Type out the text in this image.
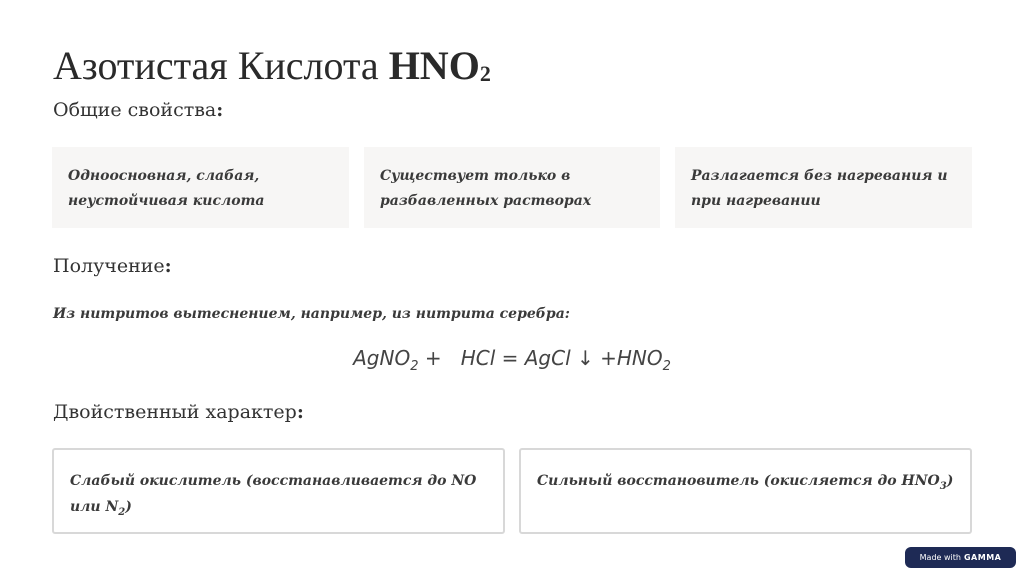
Азотистая Кислота $HNO_2$
Общие свойства:
Одноосновная, слабая,
неустойчивая кислота
Существует только в
разбавленных растворах
Разлагается без нагревания и
при нагревании
Получение:

Из нитритов вытеснением, например, из нитрита серебра:

AgNO$_2$ +   HCl = AgCl ↓ $+HNO_2$
Двойственный характер:
Слабый окислитель (восстанавливается до NO или $N_2$)
Сильный восстановитель (окисляется до $HNO_3$)
Made with GAMMA
